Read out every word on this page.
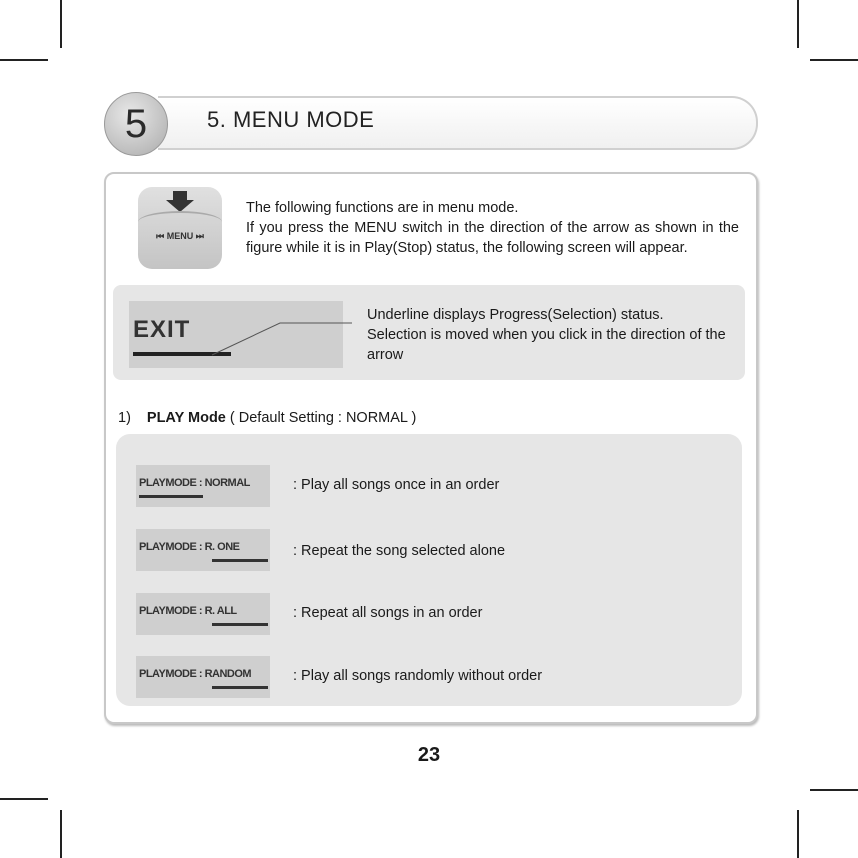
5	5. MENU MODE
⏮ MENU ⏭

The following functions are in menu mode.

If you press the MENU switch in the direction of the arrow as shown in the figure while it is in Play(Stop) status, the following screen will appear.

EXIT

Underline displays Progress(Selection) status.

Selection is moved when you click in the direction of the arrow

1) PLAY Mode ( Default Setting : NORMAL )
PLAYMODE : NORMAL	: Play all songs once in an order
PLAYMODE : R. ONE	: Repeat the song selected alone
PLAYMODE : R. ALL	: Repeat all songs in an order
PLAYMODE : RANDOM	: Play all songs randomly without order
23
